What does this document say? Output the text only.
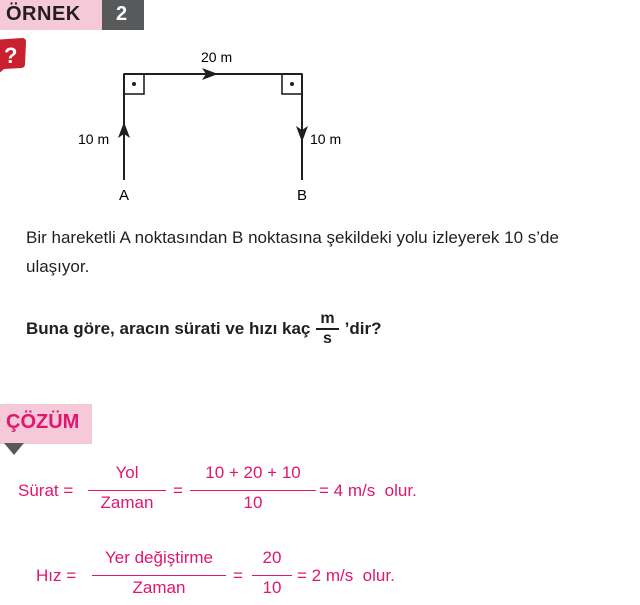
ÖRNEK 2
?	20 m
10 m	10 m
A	B
Bir hareketli A noktasından B noktasına şekildeki yolu izleyerek 10 s’de
ulaşıyor.
Buna göre, aracın sürati ve hızı kaç $\frac{m}{s}$ ’dir?
ÇÖZÜM
Sürat =
Yol
Zaman
=
10 + 20 + 10
10
= 4 m/s  olur.
Hız =
Yer değiştirme
Zaman
=
20
10
= 2 m/s  olur.
